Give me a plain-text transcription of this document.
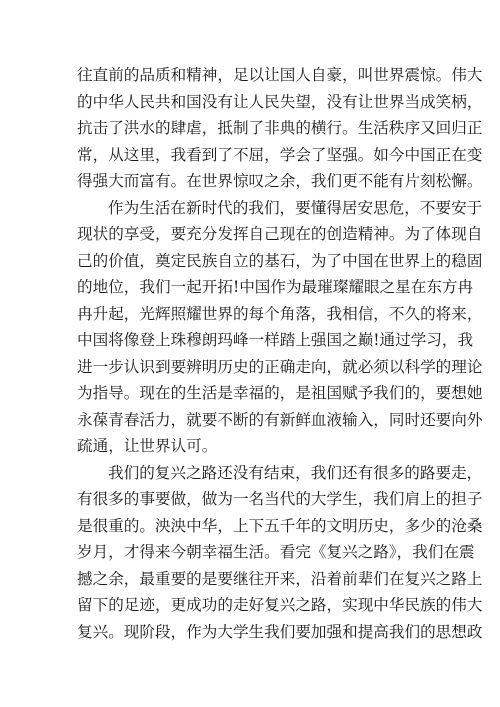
往直前的品质和精神，足以让国人自豪，叫世界震惊。伟大
的中华人民共和国没有让人民失望，没有让世界当成笑柄，
抗击了洪水的肆虐，抵制了非典的横行。生活秩序又回归正
常，从这里，我看到了不屈，学会了坚强。如今中国正在变
得强大而富有。在世界惊叹之余，我们更不能有片刻松懈。
作为生活在新时代的我们，要懂得居安思危，不要安于
现状的享受，要充分发挥自己现在的创造精神。为了体现自
己的价值，奠定民族自立的基石，为了中国在世界上的稳固
的地位，我们一起开拓!中国作为最璀璨耀眼之星在东方冉
冉升起，光辉照耀世界的每个角落，我相信，不久的将来，
中国将像登上珠穆朗玛峰一样踏上强国之巅!通过学习，我
进一步认识到要辨明历史的正确走向，就必须以科学的理论
为指导。现在的生活是幸福的，是祖国赋予我们的，要想她
永葆青春活力，就要不断的有新鲜血液输入，同时还要向外
疏通，让世界认可。
我们的复兴之路还没有结束，我们还有很多的路要走，
有很多的事要做，做为一名当代的大学生，我们肩上的担子
是很重的。泱泱中华，上下五千年的文明历史，多少的沧桑
岁月，才得来今朝幸福生活。看完《复兴之路》，我们在震
撼之余，最重要的是要继往开来，沿着前辈们在复兴之路上
留下的足迹，更成功的走好复兴之路，实现中华民族的伟大
复兴。现阶段，作为大学生我们要加强和提高我们的思想政
